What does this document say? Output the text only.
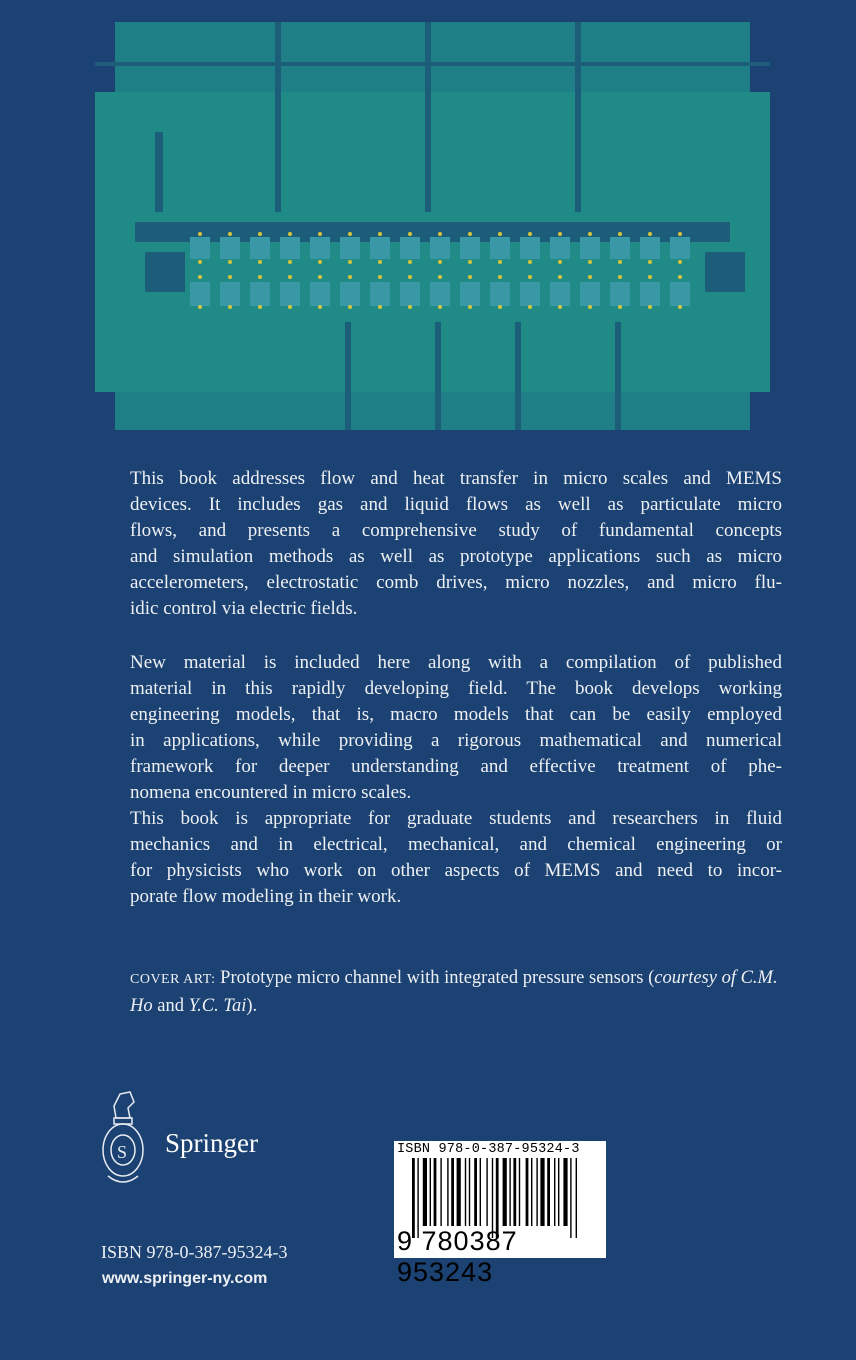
This book addresses flow and heat transfer in micro scales and MEMS
devices. It includes gas and liquid flows as well as particulate micro
flows, and presents a comprehensive study of fundamental concepts
and simulation methods as well as prototype applications such as micro
accelerometers, electrostatic comb drives, micro nozzles, and micro flu-
idic control via electric fields.
New material is included here along with a compilation of published
material in this rapidly developing field. The book develops working
engineering models, that is, macro models that can be easily employed
in applications, while providing a rigorous mathematical and numerical
framework for deeper understanding and effective treatment of phe-
nomena encountered in micro scales.
This book is appropriate for graduate students and researchers in fluid
mechanics and in electrical, mechanical, and chemical engineering or
for physicists who work on other aspects of MEMS and need to incor-
porate flow modeling in their work.
COVER ART: Prototype micro channel with integrated pressure sensors (courtesy of C.M. Ho and Y.C. Tai).
S Springer
ISBN 978-0-387-95324-3
www.springer-ny.com
ISBN 978-0-387-95324-3
9 780387 953243
